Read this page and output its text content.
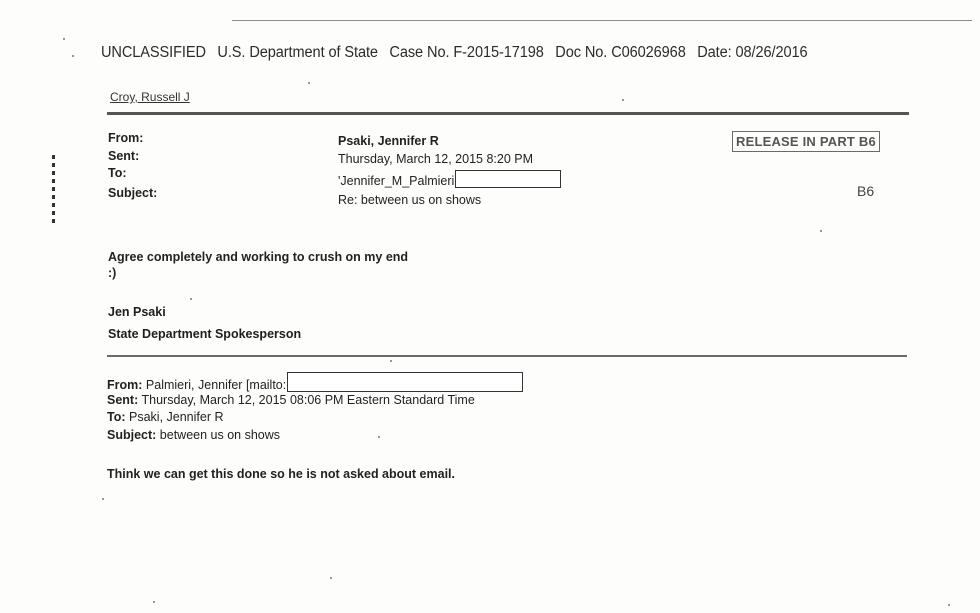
UNCLASSIFIED U.S. Department of State Case No. F-2015-17198 Doc No. C06026968 Date: 08/26/2016
Croy, Russell J
From:
Sent:
To:
Subject:
Psaki, Jennifer R
Thursday, March 12, 2015 8:20 PM
'Jennifer_M_Palmieri
Re: between us on shows
RELEASE IN PART B6
B6
Agree completely and working to crush on my end
:)
Jen Psaki
State Department Spokesperson
From: Palmieri, Jennifer [mailto:
Sent: Thursday, March 12, 2015 08:06 PM Eastern Standard Time
To: Psaki, Jennifer R
Subject: between us on shows
Think we can get this done so he is not asked about email.
